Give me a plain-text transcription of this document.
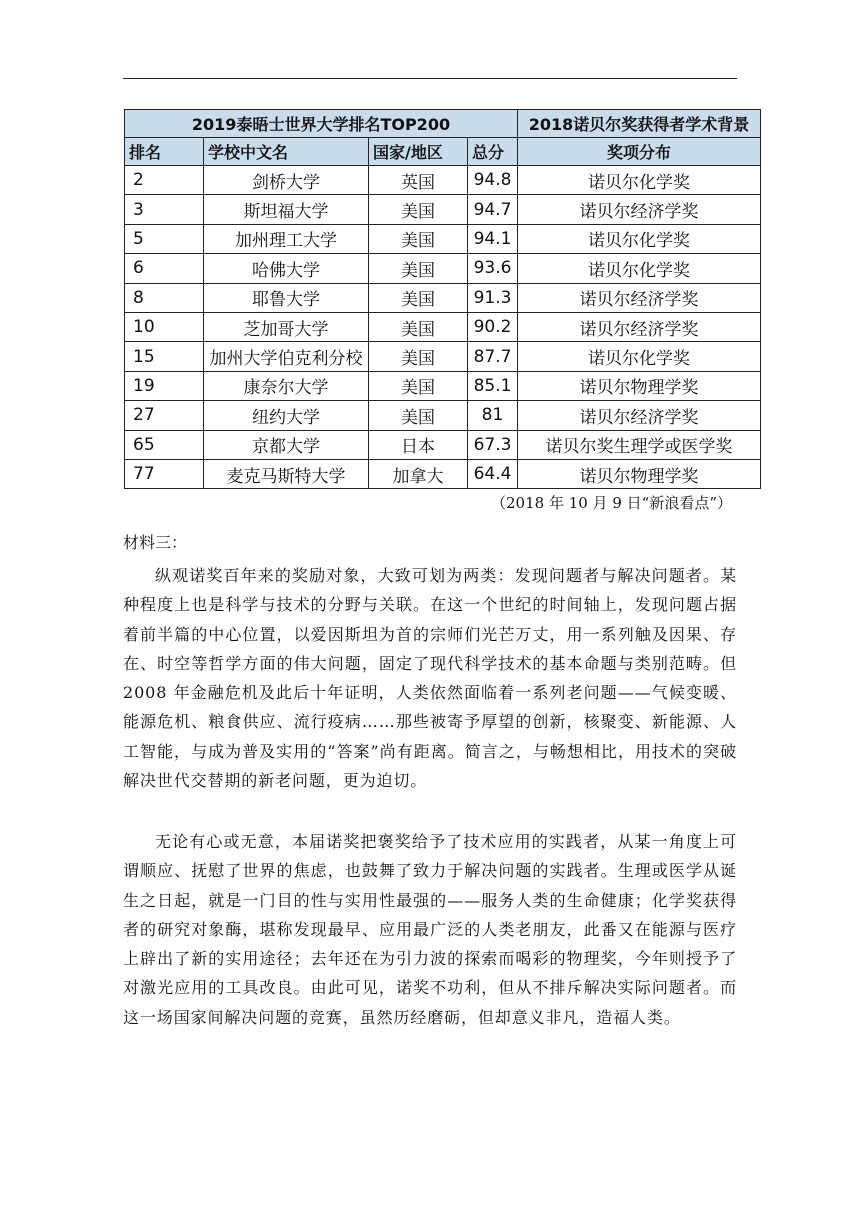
2019泰晤士世界大学排名TOP200				2018诺贝尔奖获得者学术背景
排名	学校中文名	国家/地区	总分	奖项分布
2	剑桥大学	英国	94.8	诺贝尔化学奖
3	斯坦福大学	美国	94.7	诺贝尔经济学奖
5	加州理工大学	美国	94.1	诺贝尔化学奖
6	哈佛大学	美国	93.6	诺贝尔化学奖
8	耶鲁大学	美国	91.3	诺贝尔经济学奖
10	芝加哥大学	美国	90.2	诺贝尔经济学奖
15	加州大学伯克利分校	美国	87.7	诺贝尔化学奖
19	康奈尔大学	美国	85.1	诺贝尔物理学奖
27	纽约大学	美国	81	诺贝尔经济学奖
65	京都大学	日本	67.3	诺贝尔奖生理学或医学奖
77	麦克马斯特大学	加拿大	64.4	诺贝尔物理学奖
（2018 年 10 月 9 日“新浪看点”）
材料三：

纵观诺奖百年来的奖励对象，大致可划为两类：发现问题者与解决问题者。某种程度上也是科学与技术的分野与关联。在这一个世纪的时间轴上，发现问题占据着前半篇的中心位置，以爱因斯坦为首的宗师们光芒万丈，用一系列触及因果、存在、时空等哲学方面的伟大问题，固定了现代科学技术的基本命题与类别范畴。但 2008 年金融危机及此后十年证明，人类依然面临着一系列老问题——气候变暖、能源危机、粮食供应、流行疫病……那些被寄予厚望的创新，核聚变、新能源、人工智能，与成为普及实用的“答案”尚有距离。简言之，与畅想相比，用技术的突破解决世代交替期的新老问题，更为迫切。

无论有心或无意，本届诺奖把褒奖给予了技术应用的实践者，从某一角度上可谓顺应、抚慰了世界的焦虑，也鼓舞了致力于解决问题的实践者。生理或医学从诞生之日起，就是一门目的性与实用性最强的——服务人类的生命健康；化学奖获得者的研究对象酶，堪称发现最早、应用最广泛的人类老朋友，此番又在能源与医疗上辟出了新的实用途径；去年还在为引力波的探索而喝彩的物理奖，今年则授予了对激光应用的工具改良。由此可见，诺奖不功利，但从不排斥解决实际问题者。而这一场国家间解决问题的竞赛，虽然历经磨砺，但却意义非凡，造福人类。
